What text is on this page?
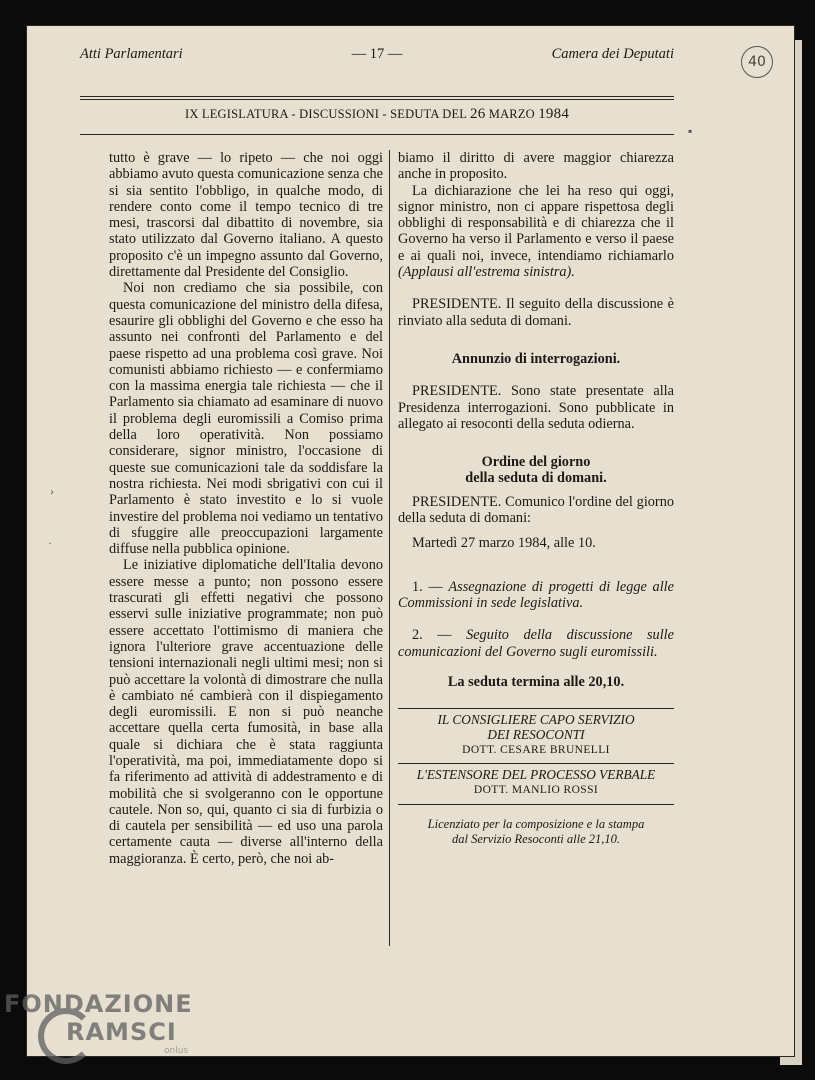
40
Atti Parlamentari	— 17 —	Camera dei Deputati
IX LEGISLATURA - DISCUSSIONI - SEDUTA DEL 26 MARZO 1984

tutto è grave — lo ripeto — che noi oggi abbiamo avuto questa comunicazione senza che si sia sentito l'obbligo, in qualche modo, di rendere conto come il tempo tecnico di tre mesi, trascorsi dal dibattito di novembre, sia stato utilizzato dal Governo italiano. A questo proposito c'è un impegno assunto dal Governo, direttamente dal Presidente del Consiglio.

Noi non crediamo che sia possibile, con questa comunicazione del ministro della difesa, esaurire gli obblighi del Governo e che esso ha assunto nei confronti del Parlamento e del paese rispetto ad una problema così grave. Noi comunisti abbiamo richiesto — e confermiamo con la massima energia tale richiesta — che il Parlamento sia chiamato ad esaminare di nuovo il problema degli euromissili a Comiso prima della loro operatività. Non possiamo considerare, signor ministro, l'occasione di queste sue comunicazioni tale da soddisfare la nostra richiesta. Nei modi sbrigativi con cui il Parlamento è stato investito e lo si vuole investire del problema noi vediamo un tentativo di sfuggire alle preoccupazioni largamente diffuse nella pubblica opinione.

Le iniziative diplomatiche dell'Italia devono essere messe a punto; non possono essere trascurati gli effetti negativi che possono esservi sulle iniziative programmate; non può essere accettato l'ottimismo di maniera che ignora l'ulteriore grave accentuazione delle tensioni internazionali negli ultimi mesi; non si può accettare la volontà di dimostrare che nulla è cambiato né cambierà con il dispiegamento degli euromissili. E non si può neanche accettare quella certa fumosità, in base alla quale si dichiara che è stata raggiunta l'operatività, ma poi, immediatamente dopo si fa riferimento ad attività di addestramento e di mobilità che si svolgeranno con le opportune cautele. Non so, qui, quanto ci sia di furbizia o di cautela per sensibilità — ed uso una parola certamente cauta — diverse all'interno della maggioranza. È certo, però, che noi ab-

biamo il diritto di avere maggior chiarezza anche in proposito.

La dichiarazione che lei ha reso qui oggi, signor ministro, non ci appare rispettosa degli obblighi di responsabilità e di chiarezza che il Governo ha verso il Parlamento e verso il paese e ai quali noi, invece, intendiamo richiamarlo (Applausi all'estrema sinistra).

PRESIDENTE. Il seguito della discussione è rinviato alla seduta di domani.

Annunzio di interrogazioni.

PRESIDENTE. Sono state presentate alla Presidenza interrogazioni. Sono pubblicate in allegato ai resoconti della seduta odierna.

Ordine del giorno

della seduta di domani.

PRESIDENTE. Comunico l'ordine del giorno della seduta di domani:

Martedì 27 marzo 1984, alle 10.

1. — Assegnazione di progetti di legge alle Commissioni in sede legislativa.

2. — Seguito della discussione sulle comunicazioni del Governo sugli euromissili.

La seduta termina alle 20,10.

IL CONSIGLIERE CAPO SERVIZIO

DEI RESOCONTI

DOTT. CESARE BRUNELLI

L'ESTENSORE DEL PROCESSO VERBALE

DOTT. MANLIO ROSSI

Licenziato per la composizione e la stampa

dal Servizio Resoconti alle 21,10.

›
·
▪
FONDAZIONE
RAMSCI
onlus
